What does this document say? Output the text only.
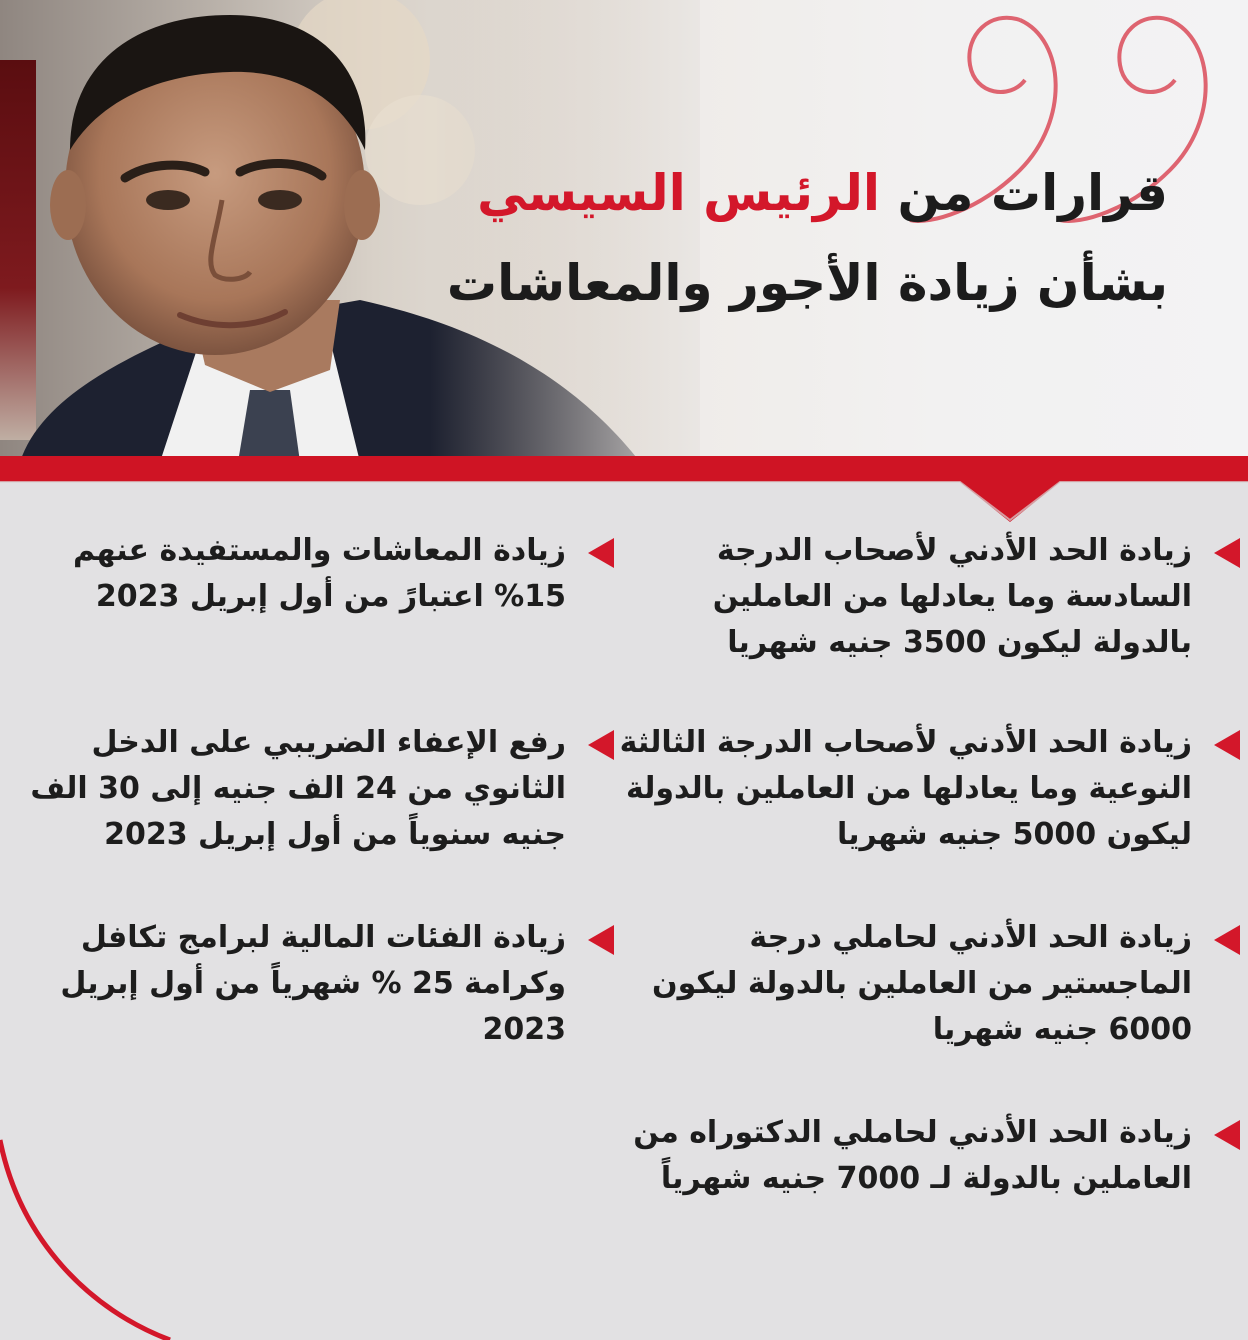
قرارات من الرئيس السيسي بشأن زيادة الأجور والمعاشات
زيادة الحد الأدني لأصحاب الدرجة السادسة وما يعادلها من العاملين بالدولة ليكون 3500 جنيه شهريا
زيادة الحد الأدني لأصحاب الدرجة الثالثة النوعية وما يعادلها من العاملين بالدولة ليكون 5000 جنيه شهريا
زيادة الحد الأدني لحاملي درجة الماجستير من العاملين بالدولة ليكون 6000 جنيه شهريا
زيادة الحد الأدني لحاملي الدكتوراه من العاملين بالدولة لـ 7000 جنيه شهرياً
زيادة المعاشات والمستفيدة عنهم 15% اعتبارً من أول إبريل 2023
رفع الإعفاء الضريبي على الدخل الثانوي من 24 الف جنيه إلى 30 الف جنيه سنوياً من أول إبريل 2023
زيادة الفئات المالية لبرامج تكافل وكرامة 25 % شهرياً من أول إبريل 2023
